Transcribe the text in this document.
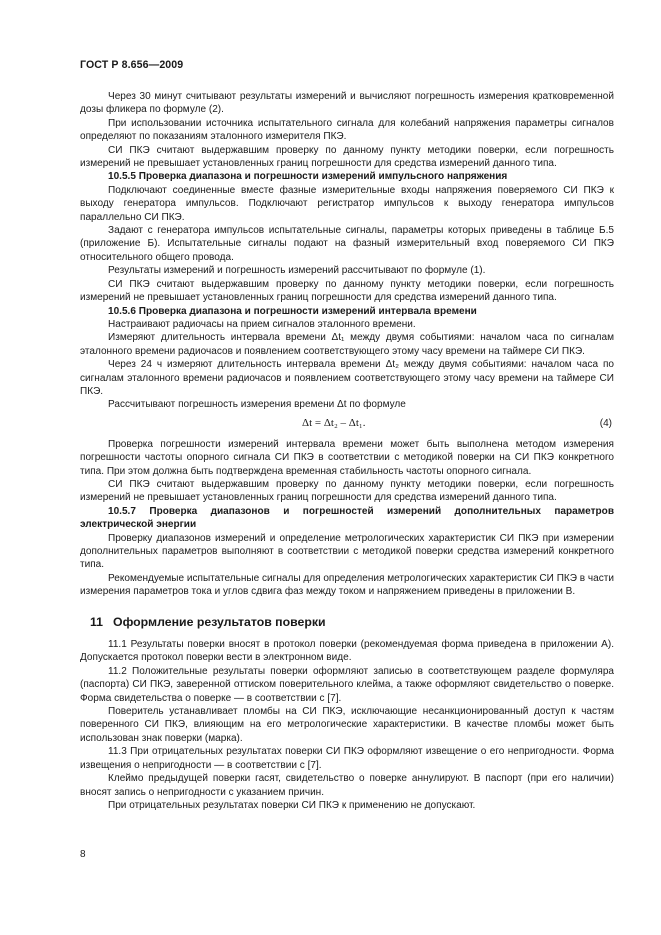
ГОСТ Р 8.656—2009

Через 30 минут считывают результаты измерений и вычисляют погрешность измерения кратковременной дозы фликера по формуле (2).

При использовании источника испытательного сигнала для колебаний напряжения параметры сигналов определяют по показаниям эталонного измерителя ПКЭ.

СИ ПКЭ считают выдержавшим проверку по данному пункту методики поверки, если погрешность измерений не превышает установленных границ погрешности для средства измерений данного типа.

10.5.5 Проверка диапазона и погрешности измерений импульсного напряжения

Подключают соединенные вместе фазные измерительные входы напряжения поверяемого СИ ПКЭ к выходу генератора импульсов. Подключают регистратор импульсов к выходу генератора импульсов параллельно СИ ПКЭ.

Задают с генератора импульсов испытательные сигналы, параметры которых приведены в таблице Б.5 (приложение Б). Испытательные сигналы подают на фазный измерительный вход поверяемого СИ ПКЭ относительного общего провода.

Результаты измерений и погрешность измерений рассчитывают по формуле (1).

СИ ПКЭ считают выдержавшим проверку по данному пункту методики поверки, если погрешность измерений не превышает установленных границ погрешности для средства измерений данного типа.

10.5.6 Проверка диапазона и погрешности измерений интервала времени

Настраивают радиочасы на прием сигналов эталонного времени.

Измеряют длительность интервала времени Δt₁ между двумя событиями: началом часа по сигналам эталонного времени радиочасов и появлением соответствующего этому часу времени на таймере СИ ПКЭ.

Через 24 ч измеряют длительность интервала времени Δt₂ между двумя событиями: началом часа по сигналам эталонного времени радиочасов и появлением соответствующего этому часу времени на таймере СИ ПКЭ.

Рассчитывают погрешность измерения времени Δt по формуле

Δt = Δt₂ – Δt₁.	(4)

Проверка погрешности измерений интервала времени может быть выполнена методом измерения погрешности частоты опорного сигнала СИ ПКЭ в соответствии с методикой поверки на СИ ПКЭ конкретного типа. При этом должна быть подтверждена временная стабильность частоты опорного сигнала.

СИ ПКЭ считают выдержавшим проверку по данному пункту методики поверки, если погрешность измерений не превышает установленных границ погрешности для средства измерений данного типа.

10.5.7 Проверка диапазонов и погрешностей измерений дополнительных параметров электрической энергии

Проверку диапазонов измерений и определение метрологических характеристик СИ ПКЭ при измерении дополнительных параметров выполняют в соответствии с методикой поверки средства измерений конкретного типа.

Рекомендуемые испытательные сигналы для определения метрологических характеристик СИ ПКЭ в части измерения параметров тока и углов сдвига фаз между током и напряжением приведены в приложении В.

11 Оформление результатов поверки

11.1 Результаты поверки вносят в протокол поверки (рекомендуемая форма приведена в приложении А). Допускается протокол поверки вести в электронном виде.

11.2 Положительные результаты поверки оформляют записью в соответствующем разделе формуляра (паспорта) СИ ПКЭ, заверенной оттиском поверительного клейма, а также оформляют свидетельство о поверке. Форма свидетельства о поверке — в соответствии с [7].

Поверитель устанавливает пломбы на СИ ПКЭ, исключающие несанкционированный доступ к частям поверенного СИ ПКЭ, влияющим на его метрологические характеристики. В качестве пломбы может быть использован знак поверки (марка).

11.3 При отрицательных результатах поверки СИ ПКЭ оформляют извещение о его непригодности. Форма извещения о непригодности — в соответствии с [7].

Клеймо предыдущей поверки гасят, свидетельство о поверке аннулируют. В паспорт (при его наличии) вносят запись о непригодности с указанием причин.

При отрицательных результатах поверки СИ ПКЭ к применению не допускают.

8
